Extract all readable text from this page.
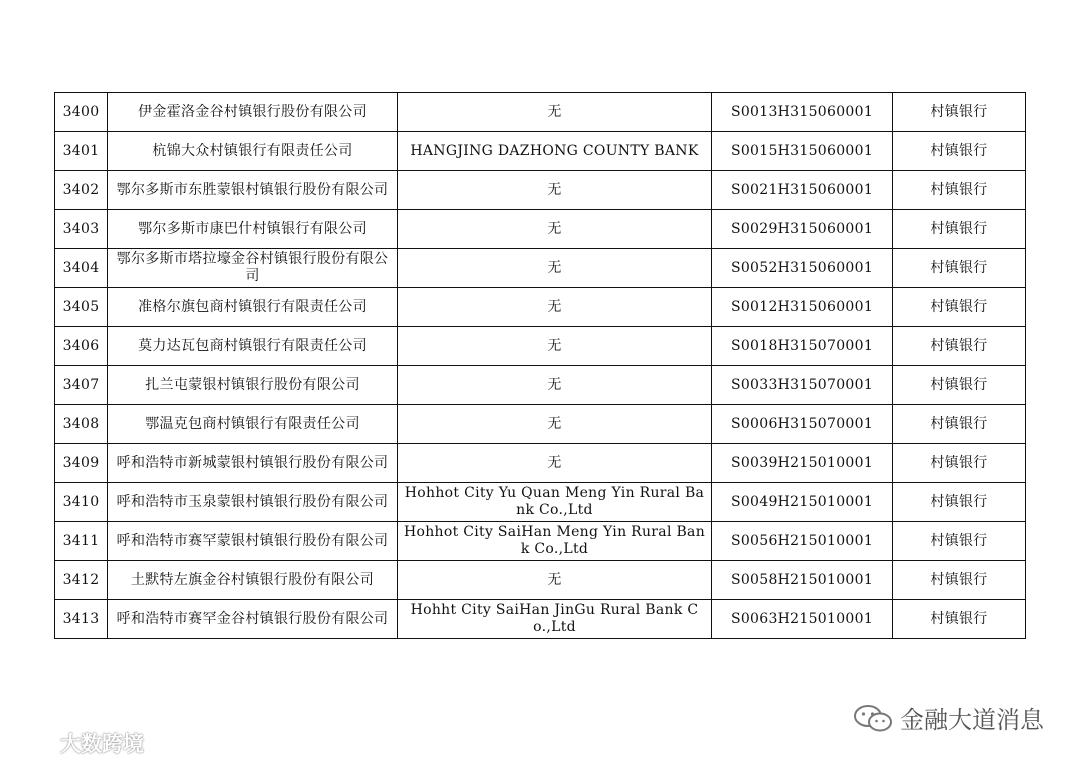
3400	伊金霍洛金谷村镇银行股份有限公司	无	S0013H315060001	村镇银行
3401	杭锦大众村镇银行有限责任公司	HANGJING DAZHONG COUNTY BANK	S0015H315060001	村镇银行
3402	鄂尔多斯市东胜蒙银村镇银行股份有限公司	无	S0021H315060001	村镇银行
3403	鄂尔多斯市康巴什村镇银行有限公司	无	S0029H315060001	村镇银行
3404	鄂尔多斯市塔拉壕金谷村镇银行股份有限公司	无	S0052H315060001	村镇银行
3405	准格尔旗包商村镇银行有限责任公司	无	S0012H315060001	村镇银行
3406	莫力达瓦包商村镇银行有限责任公司	无	S0018H315070001	村镇银行
3407	扎兰屯蒙银村镇银行股份有限公司	无	S0033H315070001	村镇银行
3408	鄂温克包商村镇银行有限责任公司	无	S0006H315070001	村镇银行
3409	呼和浩特市新城蒙银村镇银行股份有限公司	无	S0039H215010001	村镇银行
3410	呼和浩特市玉泉蒙银村镇银行股份有限公司	Hohhot City Yu Quan Meng Yin Rural Bank Co.,Ltd	S0049H215010001	村镇银行
3411	呼和浩特市赛罕蒙银村镇银行股份有限公司	Hohhot City SaiHan Meng Yin Rural Bank Co.,Ltd	S0056H215010001	村镇银行
3412	土默特左旗金谷村镇银行股份有限公司	无	S0058H215010001	村镇银行
3413	呼和浩特市赛罕金谷村镇银行股份有限公司	Hohht City SaiHan JinGu Rural Bank Co.,Ltd	S0063H215010001	村镇银行
金融大道消息
大数跨境
